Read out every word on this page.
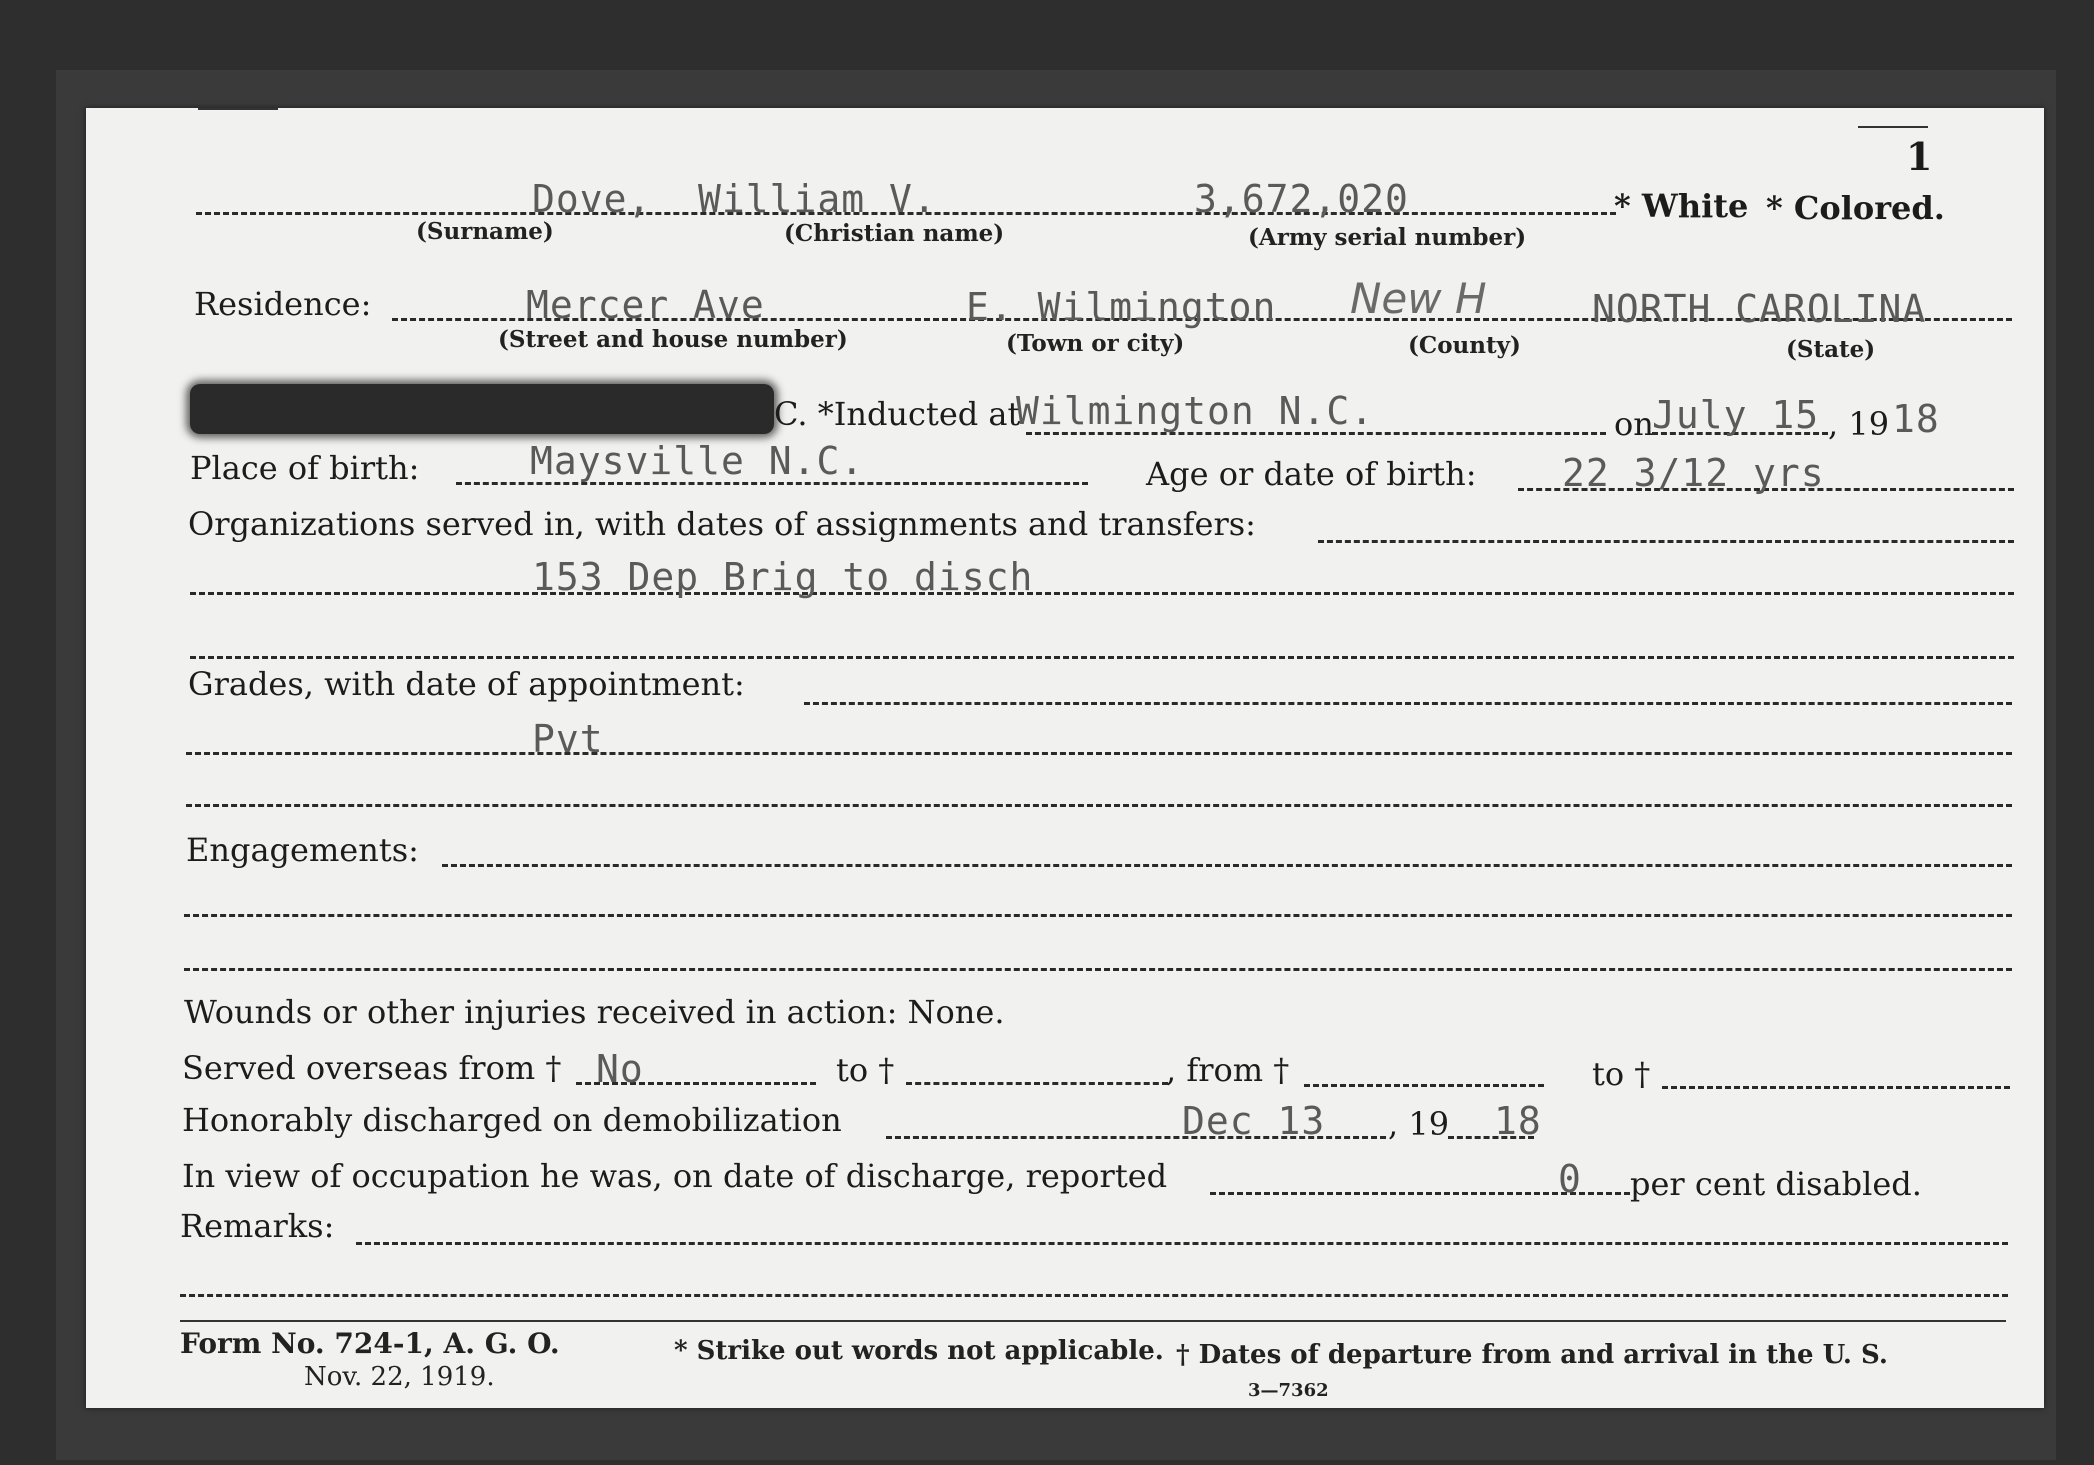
1
Dove, William V.	3,672,020	* White * Colored.
(Surname)	(Christian name)	(Army serial number)
Residence:	Mercer Ave	E. Wilmington New H	NORTH CAROLINA
(Street and house number)	(Town or city)	(County)	(State)
C. *Inducted at
Wilmington N.C.	on
July 15 , 19 18
Place of birth:	Maysville N.C.	Age or date of birth: 22 3/12 yrs
Organizations served in, with dates of assignments and transfers:
153 Dep Brig to disch
Grades, with date of appointment:
Pvt
Engagements:
Wounds or other injuries received in action: None.
Served overseas from † No	to †	, from †	to †
Honorably discharged on demobilization	Dec 13 , 19 18
In view of occupation he was, on date of discharge, reported	0 per cent disabled.
Remarks:
Form No. 724-1, A. G. O.
Nov. 22, 1919.
* Strike out words not applicable. † Dates of departure from and arrival in the U. S.
3—7362
